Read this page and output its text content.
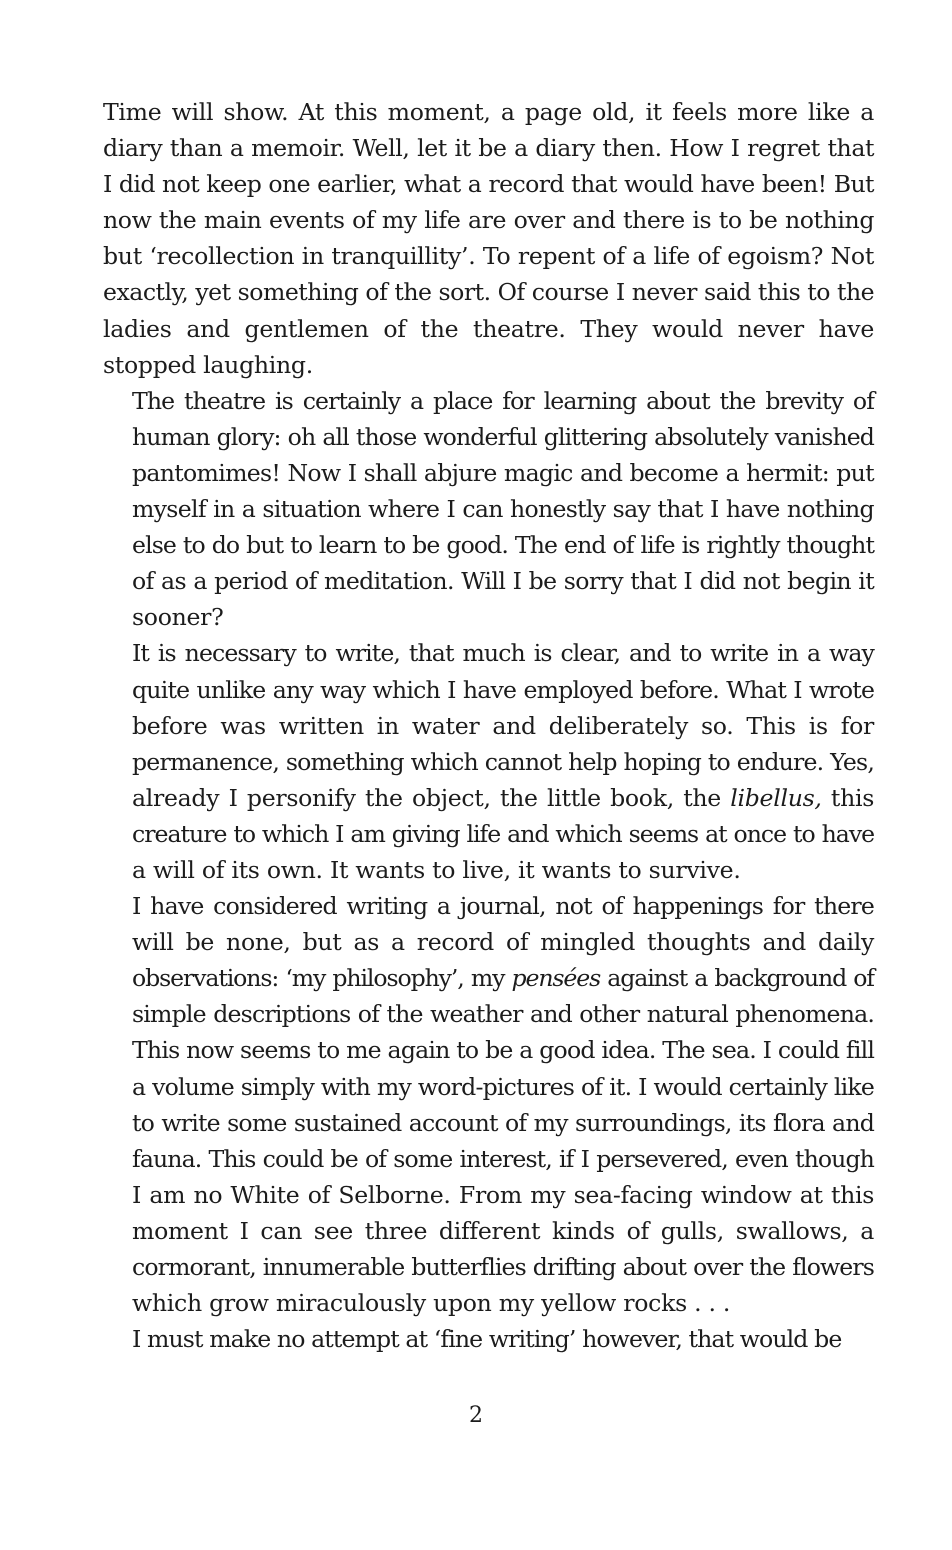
Time will show. At this moment, a page old, it feels more like a
diary than a memoir. Well, let it be a diary then. How I regret that
I did not keep one earlier, what a record that would have been! But
now the main events of my life are over and there is to be nothing
but ‘recollection in tranquillity’. To repent of a life of egoism? Not
exactly, yet something of the sort. Of course I never said this to the
ladies and gentlemen of the theatre. They would never have
stopped laughing.
The theatre is certainly a place for learning about the brevity of
human glory: oh all those wonderful glittering absolutely vanished
pantomimes! Now I shall abjure magic and become a hermit: put
myself in a situation where I can honestly say that I have nothing
else to do but to learn to be good. The end of life is rightly thought
of as a period of meditation. Will I be sorry that I did not begin it
sooner?
It is necessary to write, that much is clear, and to write in a way
quite unlike any way which I have employed before. What I wrote
before was written in water and deliberately so. This is for
permanence, something which cannot help hoping to endure. Yes,
already I personify the object, the little book, the libellus, this
creature to which I am giving life and which seems at once to have
a will of its own. It wants to live, it wants to survive.
I have considered writing a journal, not of happenings for there
will be none, but as a record of mingled thoughts and daily
observations: ‘my philosophy’, my pensées against a background of
simple descriptions of the weather and other natural phenomena.
This now seems to me again to be a good idea. The sea. I could fill
a volume simply with my word-pictures of it. I would certainly like
to write some sustained account of my surroundings, its flora and
fauna. This could be of some interest, if I persevered, even though
I am no White of Selborne. From my sea-facing window at this
moment I can see three different kinds of gulls, swallows, a
cormorant, innumerable butterflies drifting about over the flowers
which grow miraculously upon my yellow rocks . . .
I must make no attempt at ‘fine writing’ however, that would be
2
